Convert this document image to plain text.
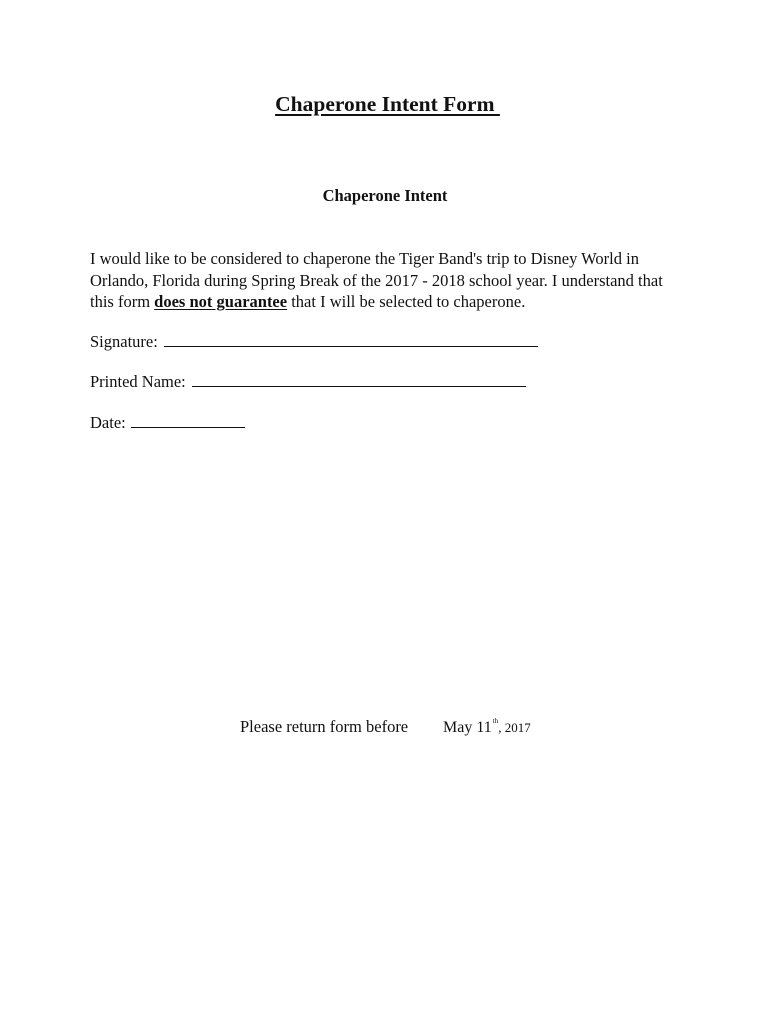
Chaperone Intent Form
Chaperone Intent
I would like to be considered to chaperone the Tiger Band's trip to Disney World in Orlando, Florida during Spring Break of the 2017 - 2018 school year. I understand that this form does not guarantee that I will be selected to chaperone.
Signature:
Printed Name:
Date:
Please return form before May 11th, 2017
